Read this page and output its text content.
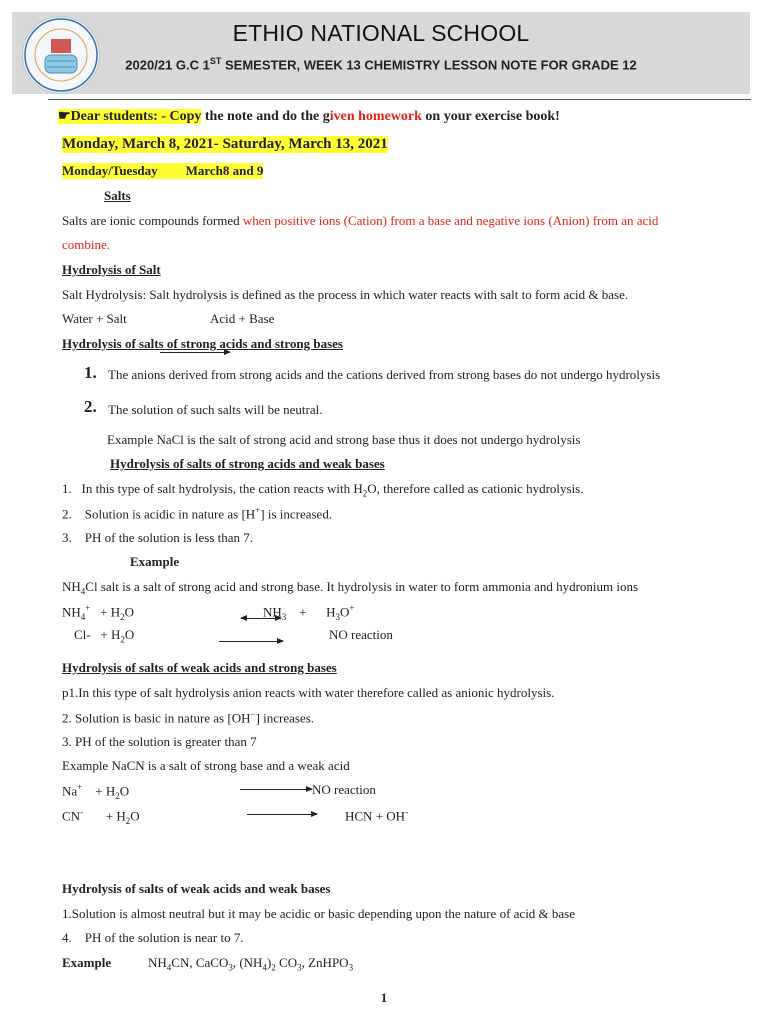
ETHIO NATIONAL SCHOOL
2020/21 G.C 1ST SEMESTER, WEEK 13 CHEMISTRY LESSON NOTE FOR GRADE 12
☛Dear students: - Copy the note and do the given homework on your exercise book!
Monday, March 8, 2021- Saturday, March 13, 2021
Monday/Tuesday March8 and 9
Salts
Salts are ionic compounds formed when positive ions (Cation) from a base and negative ions (Anion) from an acid
combine.
Hydrolysis of Salt
Salt Hydrolysis: Salt hydrolysis is defined as the process in which water reacts with salt to form acid & base.
Water + Salt	Acid + Base
Hydrolysis of salts of strong acids and strong bases
1. The anions derived from strong acids and the cations derived from strong bases do not undergo hydrolysis
2. The solution of such salts will be neutral.
Example NaCl is the salt of strong acid and strong base thus it does not undergo hydrolysis
Hydrolysis of salts of strong acids and weak bases
1. In this type of salt hydrolysis, the cation reacts with $H_2O$, therefore called as cationic hydrolysis.
2. Solution is acidic in nature as [H+] is increased.
3. PH of the solution is less than 7.
Example
$NH_4Cl$ salt is a salt of strong acid and strong base. It hydrolysis in water to form ammonia and hydronium ions
$NH_4^+ + H_2O$	$NH_3 + H_3O^+$
$Cl- + H_2O$	NO reaction
Hydrolysis of salts of weak acids and strong bases
p1.In this type of salt hydrolysis anion reacts with water therefore called as anionic hydrolysis.
2. Solution is basic in nature as [OH−] increases.
3. PH of the solution is greater than 7
Example NaCN is a salt of strong base and a weak acid
$Na^+ + H_2O$	NO reaction
$CN^- + H_2O$	HCN + OH-
Hydrolysis of salts of weak acids and weak bases
1.Solution is almost neutral but it may be acidic or basic depending upon the nature of acid & base
4. PH of the solution is near to 7.
Example	$NH_4CN$, CaCO$_3$, $(NH_4)_2$ $CO_3$, ZnHPO$_3$
1
